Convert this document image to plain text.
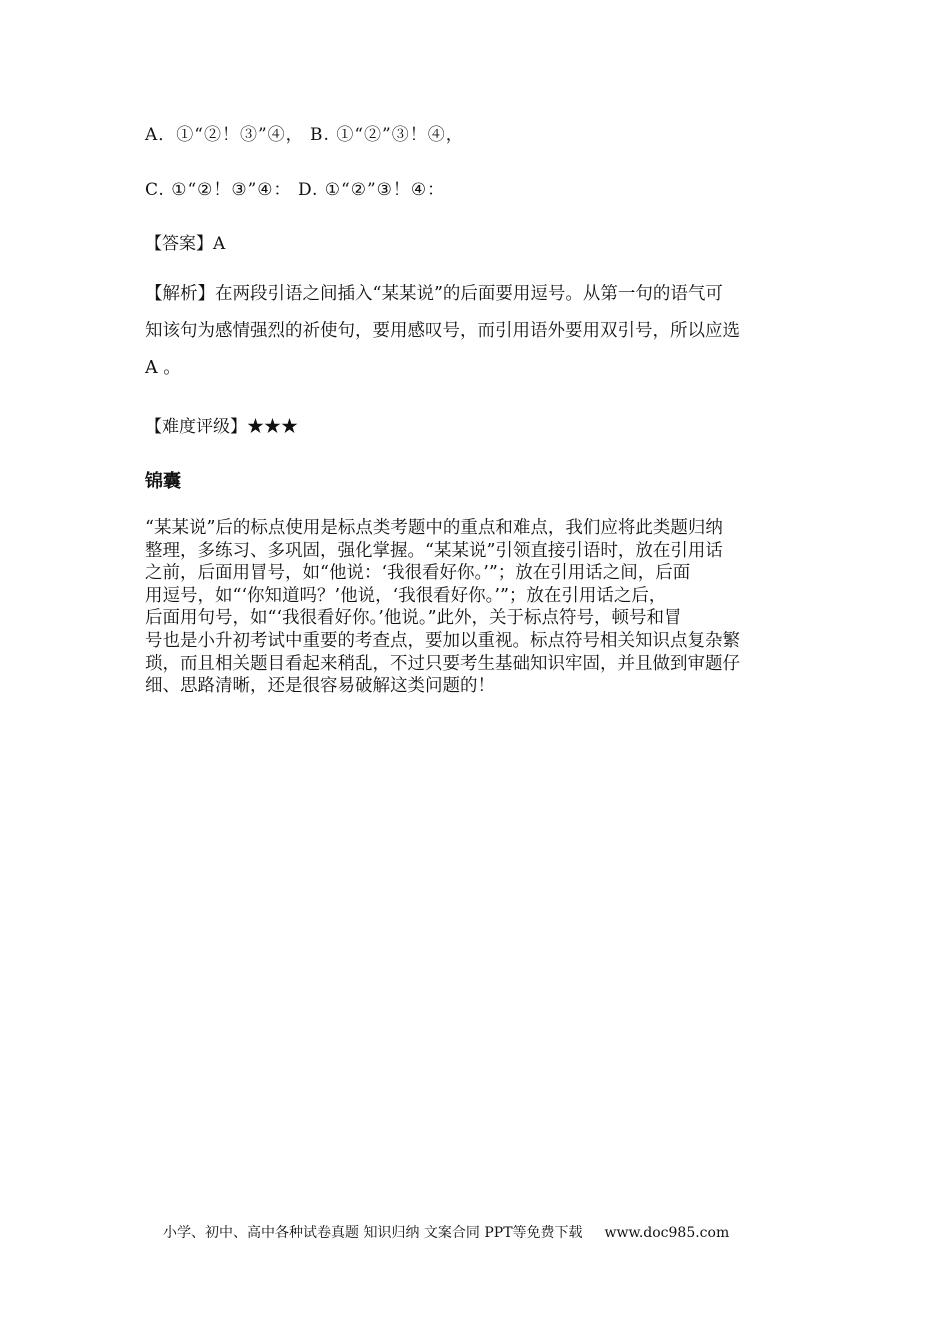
A．①“②！③”④， B. ①“②”③！④，
C. ①“②！③”④： D. ①“②”③！④：
【答案】A
【解析】在两段引语之间插入“某某说”的后面要用逗号。从第一句的语气可
知该句为感情强烈的祈使句，要用感叹号，而引用语外要用双引号，所以应选
A 。
【难度评级】★★★
锦囊
“某某说”后的标点使用是标点类考题中的重点和难点，我们应将此类题归纳
整理，多练习、多巩固，强化掌握。“某某说”引领直接引语时，放在引用话
之前，后面用冒号，如“他说：‘我很看好你。’”；放在引用话之间，后面
用逗号，如“‘你知道吗？’他说，‘我很看好你。’”；放在引用话之后，
后面用句号，如“‘我很看好你。’他说。”此外，关于标点符号，顿号和冒
号也是小升初考试中重要的考查点，要加以重视。标点符号相关知识点复杂繁
琐，而且相关题目看起来稍乱，不过只要考生基础知识牢固，并且做到审题仔
细、思路清晰，还是很容易破解这类问题的！
小学、初中、高中各种试卷真题 知识归纳 文案合同 PPT等免费下载 www.doc985.com
